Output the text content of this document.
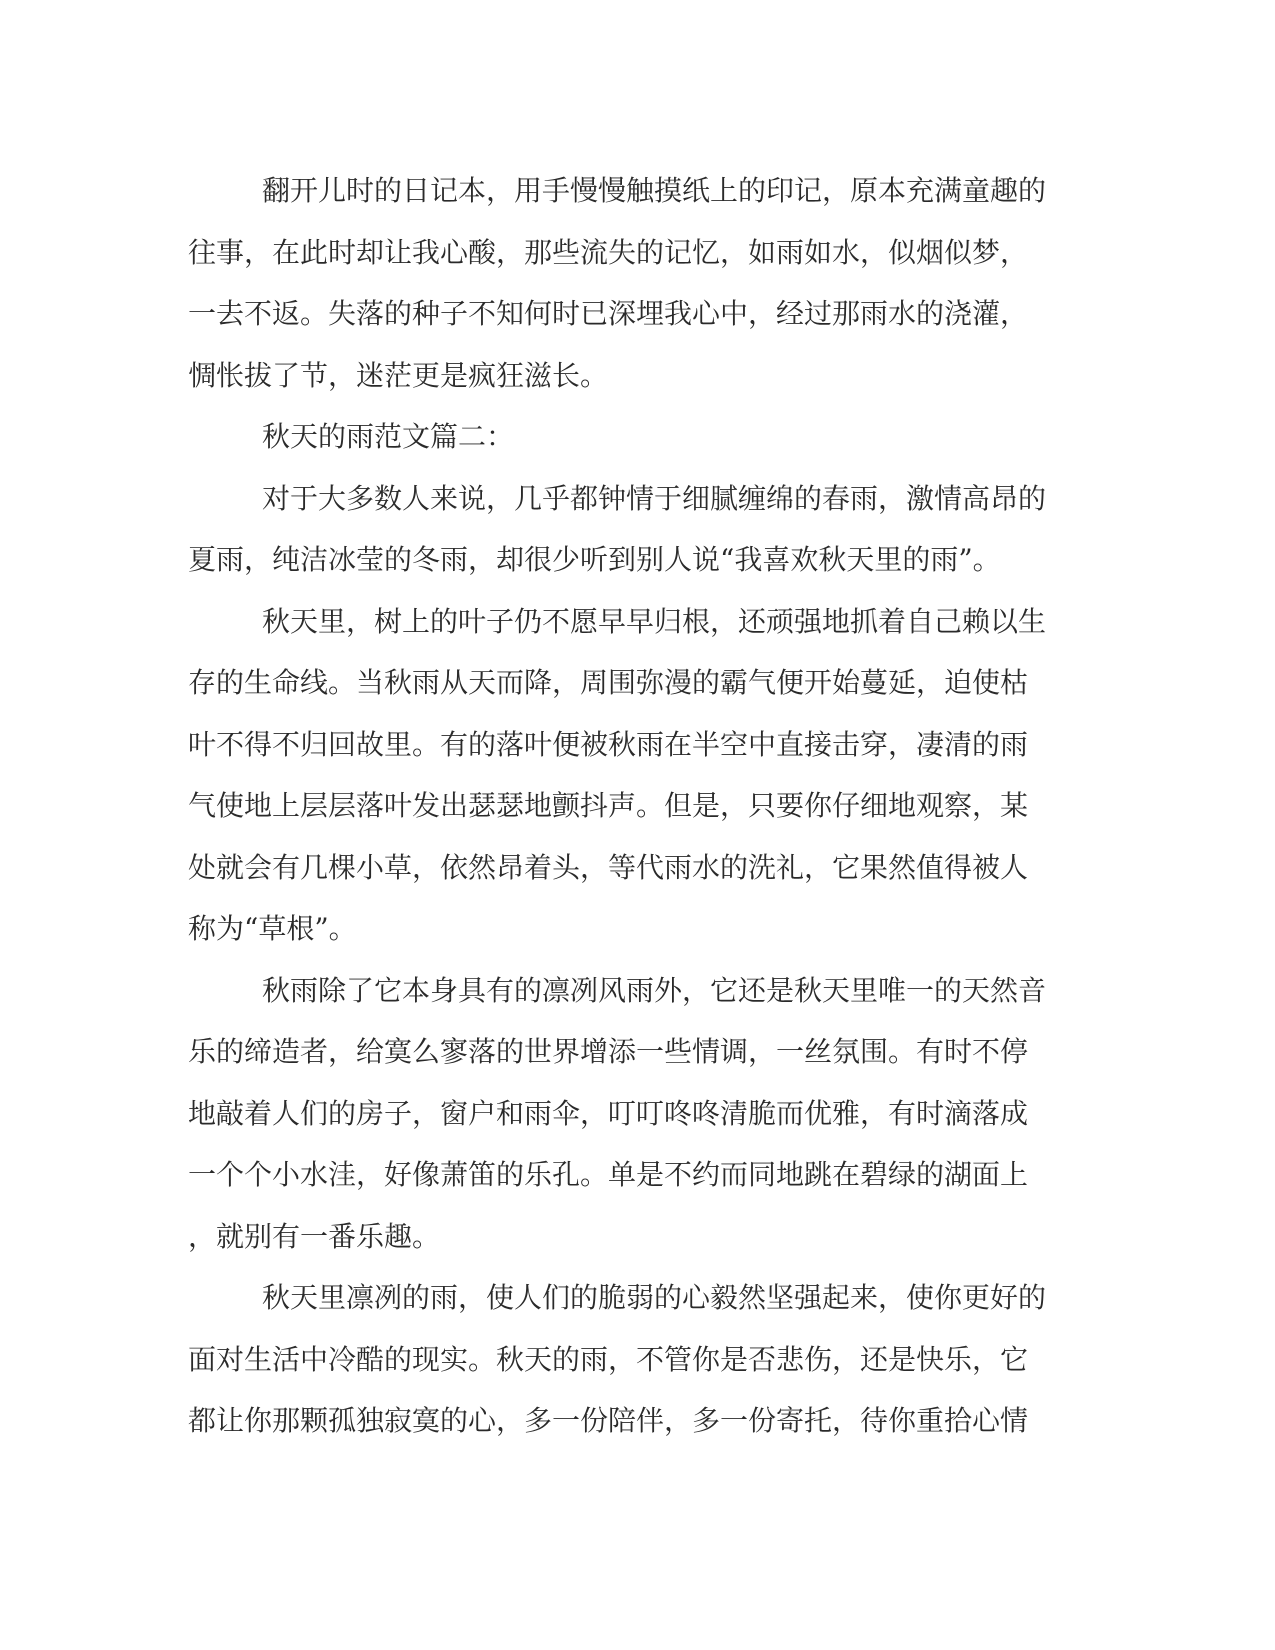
翻开儿时的日记本，用手慢慢触摸纸上的印记，原本充满童趣的
往事，在此时却让我心酸，那些流失的记忆，如雨如水，似烟似梦，
一去不返。失落的种子不知何时已深埋我心中，经过那雨水的浇灌，
惆怅拔了节，迷茫更是疯狂滋长。
秋天的雨范文篇二：
对于大多数人来说，几乎都钟情于细腻缠绵的春雨，激情高昂的
夏雨，纯洁冰莹的冬雨，却很少听到别人说“我喜欢秋天里的雨”。
秋天里，树上的叶子仍不愿早早归根，还顽强地抓着自己赖以生
存的生命线。当秋雨从天而降，周围弥漫的霸气便开始蔓延，迫使枯
叶不得不归回故里。有的落叶便被秋雨在半空中直接击穿，凄清的雨
气使地上层层落叶发出瑟瑟地颤抖声。但是，只要你仔细地观察，某
处就会有几棵小草，依然昂着头，等代雨水的洗礼，它果然值得被人
称为“草根”。
秋雨除了它本身具有的凛冽风雨外，它还是秋天里唯一的天然音
乐的缔造者，给寞么寥落的世界增添一些情调，一丝氛围。有时不停
地敲着人们的房子，窗户和雨伞，叮叮咚咚清脆而优雅，有时滴落成
一个个小水洼，好像萧笛的乐孔。单是不约而同地跳在碧绿的湖面上
，就别有一番乐趣。
秋天里凛冽的雨，使人们的脆弱的心毅然坚强起来，使你更好的
面对生活中冷酷的现实。秋天的雨，不管你是否悲伤，还是快乐，它
都让你那颗孤独寂寞的心，多一份陪伴，多一份寄托，待你重拾心情
